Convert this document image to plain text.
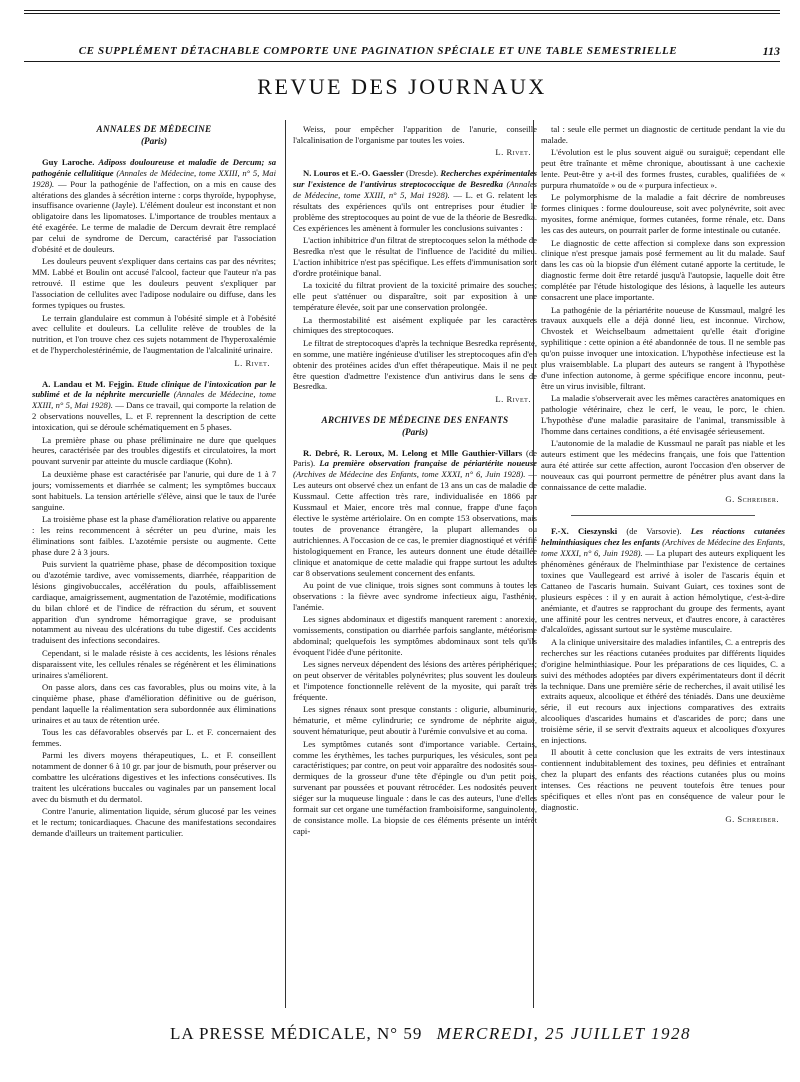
CE SUPPLÉMENT DÉTACHABLE COMPORTE UNE PAGINATION SPÉCIALE ET UNE TABLE SEMESTRIELLE	113
REVUE DES JOURNAUX
ANNALES DE MÉDECINE
(Paris)

Guy Laroche. Adiposs douloureuse et maladie de Dercum; sa pathogénie cellulitique (Annales de Médecine, tome XXIII, n° 5, Mai 1928). — Pour la pathogénie de l'affection, on a mis en cause des altérations des glandes à sécrétion interne : corps thyroïde, hypophyse, insuffisance ovarienne (Jayle). L'élément douleur est inconstant et non obligatoire dans les lipomatoses. L'importance de troubles mentaux a été exagérée. Le terme de maladie de Dercum devrait être remplacé par celui de syndrome de Dercum, caractérisé par l'association d'obésité et de douleurs.

Les douleurs peuvent s'expliquer dans certains cas par des névrites; MM. Labbé et Boulin ont accusé l'alcool, facteur que l'auteur n'a pas retrouvé. Il estime que les douleurs peuvent s'expliquer par l'association de cellulites avec l'adipose nodulaire ou diffuse, dans les formes typiques ou frustes.

Le terrain glandulaire est commun à l'obésité simple et à l'obésité avec cellulite et douleurs. La cellulite relève de troubles de la nutrition, et l'on trouve chez ces sujets notamment de l'hyperoxalémie et de l'hypercholestérinémie, de l'augmentation de l'alcalinité urinaire.

L. Rivet.

A. Landau et M. Fejgin. Etude clinique de l'intoxication par le sublimé et de la néphrite mercurielle (Annales de Médecine, tome XXIII, n° 5, Mai 1928). — Dans ce travail, qui comporte la relation de 2 observations nouvelles, L. et F. reprennent la description de cette intoxication, qui se déroule schématiquement en 5 phases.

La première phase ou phase préliminaire ne dure que quelques heures, caractérisée par des troubles digestifs et circulatoires, la mort pouvant survenir par atteinte du muscle cardiaque (Kohn).

La deuxième phase est caractérisée par l'anurie, qui dure de 1 à 7 jours; vomissements et diarrhée se calment; les symptômes buccaux sont habituels. La tension artérielle s'élève, ainsi que le taux de l'urée sanguine.

La troisième phase est la phase d'amélioration relative ou apparente : les reins recommencent à sécréter un peu d'urine, mais les éliminations sont faibles. L'azotémie persiste ou augmente. Cette phase dure 2 à 3 jours.

Puis survient la quatrième phase, phase de décomposition toxique ou d'azotémie tardive, avec vomissements, diarrhée, réapparition de lésions gingivobuccales, accélération du pouls, affaiblissement cardiaque, amaigrissement, augmentation de l'azotémie, modifications du bilan chloré et de l'indice de réfraction du sérum, et souvent apparition d'un syndrome hémorragique grave, se produisant notamment au niveau des ulcérations du tube digestif. Ces accidents traduisent des infections secondaires.

Cependant, si le malade résiste à ces accidents, les lésions rénales disparaissent vite, les cellules rénales se régénèrent et les éliminations urinaires s'améliorent.

On passe alors, dans ces cas favorables, plus ou moins vite, à la cinquième phase, phase d'amélioration définitive ou de guérison, pendant laquelle la réalimentation sera subordonnée aux éliminations urinaires et au taux de rétention urée.

Tous les cas défavorables observés par L. et F. concernaient des femmes.

Parmi les divers moyens thérapeutiques, L. et F. conseillent notamment de donner 6 à 10 gr. par jour de bismuth, pour préserver ou combattre les ulcérations digestives et les infections consécutives. Ils traitent les ulcérations buccales ou vaginales par un pansement local avec du bismuth et du dermatol.

Contre l'anurie, alimentation liquide, sérum glucosé par les veines et le rectum; tonicardiaques. Chacune des manifestations secondaires demande d'ailleurs un traitement particulier.

Weiss, pour empêcher l'apparition de l'anurie, conseille l'alcalinisation de l'organisme par toutes les voies.

L. Rivet.

N. Louros et E.-O. Gaessler (Dresde). Recherches expérimentales sur l'existence de l'antivirus streptococcique de Besredka (Annales de Médecine, tome XXIII, n° 5, Mai 1928). — L. et G. relatent les résultats des expériences qu'ils ont entreprises pour étudier le problème des streptocoques au point de vue de la théorie de Besredka. Ces expériences les amènent à formuler les conclusions suivantes :

L'action inhibitrice d'un filtrat de streptocoques selon la méthode de Besredka n'est que le résultat de l'influence de l'acidité du milieu. L'action inhibitrice n'est pas spécifique. Les effets d'immunisation sont d'ordre protéinique banal.

La toxicité du filtrat provient de la toxicité primaire des souches; elle peut s'atténuer ou disparaître, soit par exposition à une température élevée, soit par une conservation prolongée.

La thermostabilité est aisément expliquée par les caractères chimiques des streptocoques.

Le filtrat de streptocoques d'après la technique Besredka représente, en somme, une matière ingénieuse d'utiliser les streptocoques afin d'en obtenir des protéines acides d'un effet thérapeutique. Mais il ne peut être question d'admettre l'existence d'un antivirus dans le sens de Besredka.

L. Rivet.
ARCHIVES DE MÉDECINE DES ENFANTS
(Paris)

R. Debré, R. Leroux, M. Lelong et Mlle Gauthier-Villars (de Paris). La première observation française de périartérite noueuse (Archives de Médecine des Enfants, tome XXXI, n° 6, Juin 1928). — Les auteurs ont observé chez un enfant de 13 ans un cas de maladie de Kussmaul. Cette affection très rare, individualisée en 1866 par Kussmaul et Maier, encore très mal connue, frappe d'une façon élective le système artériolaire. On en compte 153 observations, mais toutes de provenance étrangère, la plupart allemandes ou autrichiennes. A l'occasion de ce cas, le premier diagnostiqué et vérifié histologiquement en France, les auteurs donnent une étude détaillée clinique et anatomique de cette maladie qui frappe surtout les adultes car 8 observations seulement concernent des enfants.

Au point de vue clinique, trois signes sont communs à toutes les observations : la fièvre avec syndrome infectieux aigu, l'asthénie, l'anémie.

Les signes abdominaux et digestifs manquent rarement : anorexie, vomissements, constipation ou diarrhée parfois sanglante, météorisme abdominal; quelquefois les symptômes abdominaux sont tels qu'ils évoquent l'idée d'une péritonite.

Les signes nerveux dépendent des lésions des artères périphériques; on peut observer de véritables polynévrites; plus souvent les douleurs et l'impotence fonctionnelle relèvent de la myosite, qui paraît très fréquente.

Les signes rénaux sont presque constants : oligurie, albuminurie, hématurie, et même cylindrurie; ce syndrome de néphrite aiguë, souvent hématurique, peut aboutir à l'urémie convulsive et au coma.

Les symptômes cutanés sont d'importance variable. Certains, comme les érythèmes, les taches purpuriques, les vésicules, sont peu caractéristiques; par contre, on peut voir apparaître des nodosités sous-dermiques de la grosseur d'une tête d'épingle ou d'un petit pois, survenant par poussées et pouvant rétrocéder. Les nodosités peuvent siéger sur la muqueuse linguale : dans le cas des auteurs, l'une d'elles formait sur cet organe une tuméfaction framboisiforme, sanguinolente, de consistance molle. La biopsie de ces éléments présente un intérêt capi-

tal : seule elle permet un diagnostic de certitude pendant la vie du malade.

L'évolution est le plus souvent aiguë ou suraiguë; cependant elle peut être traînante et même chronique, aboutissant à une cachexie lente. Peut-être y a-t-il des formes frustes, curables, qualifiées de « purpura rhumatoïde » ou de « purpura infectieux ».

Le polymorphisme de la maladie a fait décrire de nombreuses formes cliniques : forme douloureuse, soit avec polynévrite, soit avec myosites, forme anémique, formes cutanées, forme rénale, etc. Dans les cas des auteurs, on pourrait parler de forme intestinale ou cutanée.

Le diagnostic de cette affection si complexe dans son expression clinique n'est presque jamais posé fermement au lit du malade. Sauf dans les cas où la biopsie d'un élément cutané apporte la certitude, le diagnostic ferme doit être retardé jusqu'à l'autopsie, laquelle doit être complétée par l'étude histologique des lésions, à laquelle les auteurs consacrent une place importante.

La pathogénie de la périartérite noueuse de Kussmaul, malgré les travaux auxquels elle a déjà donné lieu, est inconnue. Virchow, Chvostek et Weichselbaum admettaient qu'elle était d'origine syphilitique : cette opinion a été abandonnée de tous. Il ne semble pas qu'on puisse invoquer une intoxication. L'hypothèse infectieuse est la plus vraisemblable. La plupart des auteurs se rangent à l'hypothèse d'une infection autonome, à germe spécifique encore inconnu, peut-être un virus invisible, filtrant.

La maladie s'observerait avec les mêmes caractères anatomiques en pathologie vétérinaire, chez le cerf, le veau, le porc, le chien. L'hypothèse d'une maladie parasitaire de l'animal, transmissible à l'homme dans certaines conditions, a été envisagée sérieusement.

L'autonomie de la maladie de Kussmaul ne paraît pas niable et les auteurs estiment que les médecins français, une fois que l'attention aura été attirée sur cette affection, auront l'occasion d'en observer de nouveaux cas qui pourront permettre de pénétrer plus avant dans la connaissance de cette maladie.

G. Schreiber.

F.-X. Cieszynski (de Varsovie). Les réactions cutanées helminthiasiques chez les enfants (Archives de Médecine des Enfants, tome XXXI, n° 6, Juin 1928). — La plupart des auteurs expliquent les phénomènes généraux de l'helminthiase par l'existence de certaines toxines que Vaullegeard est arrivé à isoler de l'ascaris équin et Cattaneo de l'ascaris humain. Suivant Guiart, ces toxines sont de plusieurs espèces : il y en aurait à action hémolytique, c'est-à-dire anémiante, et d'autres se rapprochant du groupe des ferments, ayant une affinité pour les centres nerveux, et d'autres encore, à caractères d'alcaloïdes, agissant surtout sur le système musculaire.

A la clinique universitaire des maladies infantiles, C. a entrepris des recherches sur les réactions cutanées produites par différents liquides d'origine helminthiasique. Pour les préparations de ces liquides, C. a suivi des méthodes adoptées par divers expérimentateurs dont il décrit la technique. Dans une première série de recherches, il avait utilisé les extraits aqueux, alcoolique et éthéré des téniadés. Dans une deuxième série, il eut recours aux injections comparatives des extraits alcooliques d'ascarides humains et d'ascarides de porc; dans une troisième série, il se servit d'extraits aqueux et alcooliques d'oxyures en injections.

Il aboutit à cette conclusion que les extraits de vers intestinaux contiennent indubitablement des toxines, peu définies et entraînant chez la plupart des enfants des réactions cutanées plus ou moins intenses. Ces réactions ne peuvent toutefois être tenues pour spécifiques et elles n'ont pas en conséquence de valeur pour le diagnostic.

G. Schreiber.
LA PRESSE MÉDICALE, N° 59 MERCREDI, 25 JUILLET 1928
